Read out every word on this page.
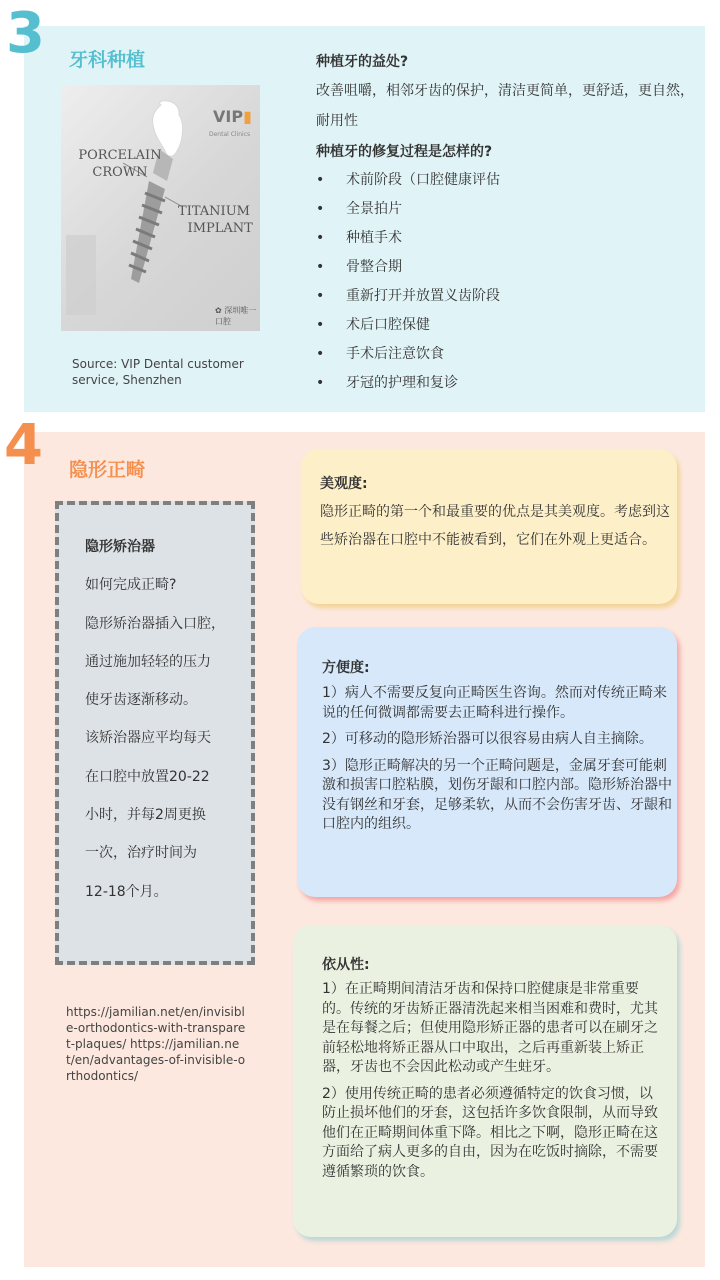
3 牙科种植
PORCELAIN
CROWN
TITANIUM
IMPLANT
VIP▮
Dental Clinics
✿ 深圳唯一口腔
Source: VIP Dental customer service, Shenzhen
种植牙的益处?
改善咀嚼，相邻牙齿的保护，清洁更简单，更舒适，更自然，耐用性
种植牙的修复过程是怎样的?
• 术前阶段（口腔健康评估
• 全景拍片
• 种植手术
• 骨整合期
• 重新打开并放置义齿阶段
• 术后口腔保健
• 手术后注意饮食
• 牙冠的护理和复诊
4 隐形正畸
隐形矫治器
如何完成正畸?
隐形矫治器插入口腔，
通过施加轻轻的压力
使牙齿逐渐移动。
该矫治器应平均每天
在口腔中放置20-22
小时，并每2周更换
一次，治疗时间为
12-18个月。
https://jamilian.net/en/invisible-orthodontics-with-transparet-plaques/ https://jamilian.net/en/advantages-of-invisible-orthodontics/
美观度:
隐形正畸的第一个和最重要的优点是其美观度。考虑到这些矫治器在口腔中不能被看到，它们在外观上更适合。
方便度:

1）病人不需要反复向正畸医生咨询。然而对传统正畸来说的任何微调都需要去正畸科进行操作。

2）可移动的隐形矫治器可以很容易由病人自主摘除。

3）隐形正畸解决的另一个正畸问题是，金属牙套可能刺激和损害口腔粘膜，划伤牙龈和口腔内部。隐形矫治器中没有钢丝和牙套，足够柔软，从而不会伤害牙齿、牙龈和口腔内的组织。

依从性:

1）在正畸期间清洁牙齿和保持口腔健康是非常重要的。传统的牙齿矫正器清洗起来相当困难和费时，尤其是在每餐之后；但使用隐形矫正器的患者可以在刷牙之前轻松地将矫正器从口中取出，之后再重新装上矫正器，牙齿也不会因此松动或产生蛀牙。

2）使用传统正畸的患者必须遵循特定的饮食习惯，以防止损坏他们的牙套，这包括许多饮食限制，从而导致他们在正畸期间体重下降。相比之下啊，隐形正畸在这方面给了病人更多的自由，因为在吃饭时摘除，不需要遵循繁琐的饮食。
